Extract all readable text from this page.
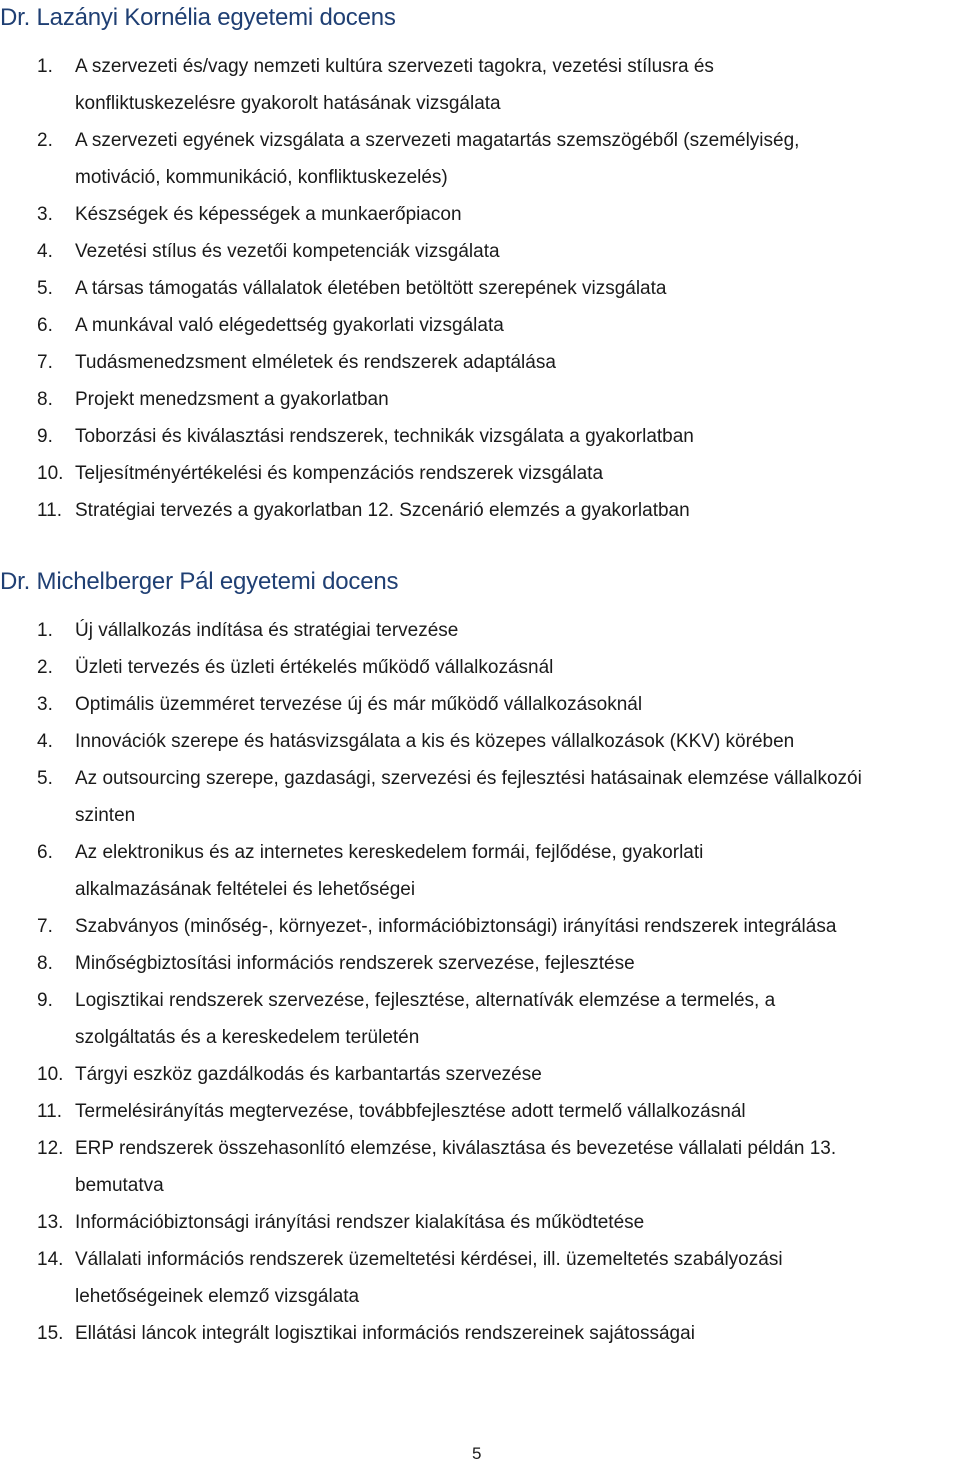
Dr. Lazányi Kornélia egyetemi docens
1. A szervezeti és/vagy nemzeti kultúra szervezeti tagokra, vezetési stílusra és
konfliktuskezelésre gyakorolt hatásának vizsgálata
2. A szervezeti egyének vizsgálata a szervezeti magatartás szemszögéből (személyiség,
motiváció, kommunikáció, konfliktuskezelés)
3. Készségek és képességek a munkaerőpiacon
4. Vezetési stílus és vezetői kompetenciák vizsgálata
5. A társas támogatás vállalatok életében betöltött szerepének vizsgálata
6. A munkával való elégedettség gyakorlati vizsgálata
7. Tudásmenedzsment elméletek és rendszerek adaptálása
8. Projekt menedzsment a gyakorlatban
9. Toborzási és kiválasztási rendszerek, technikák vizsgálata a gyakorlatban
10. Teljesítményértékelési és kompenzációs rendszerek vizsgálata
11. Stratégiai tervezés a gyakorlatban 12. Szcenárió elemzés a gyakorlatban
Dr. Michelberger Pál egyetemi docens
1. Új vállalkozás indítása és stratégiai tervezése
2. Üzleti tervezés és üzleti értékelés működő vállalkozásnál
3. Optimális üzemméret tervezése új és már működő vállalkozásoknál
4. Innovációk szerepe és hatásvizsgálata a kis és közepes vállalkozások (KKV) körében
5. Az outsourcing szerepe, gazdasági, szervezési és fejlesztési hatásainak elemzése vállalkozói
szinten
6. Az elektronikus és az internetes kereskedelem formái, fejlődése, gyakorlati
alkalmazásának feltételei és lehetőségei
7. Szabványos (minőség-, környezet-, információbiztonsági) irányítási rendszerek integrálása
8. Minőségbiztosítási információs rendszerek szervezése, fejlesztése
9. Logisztikai rendszerek szervezése, fejlesztése, alternatívák elemzése a termelés, a
szolgáltatás és a kereskedelem területén
10. Tárgyi eszköz gazdálkodás és karbantartás szervezése
11. Termelésirányítás megtervezése, továbbfejlesztése adott termelő vállalkozásnál
12. ERP rendszerek összehasonlító elemzése, kiválasztása és bevezetése vállalati példán 13.
bemutatva
13. Információbiztonsági irányítási rendszer kialakítása és működtetése
14. Vállalati információs rendszerek üzemeltetési kérdései, ill. üzemeltetés szabályozási
lehetőségeinek elemző vizsgálata
15. Ellátási láncok integrált logisztikai információs rendszereinek sajátosságai
5
